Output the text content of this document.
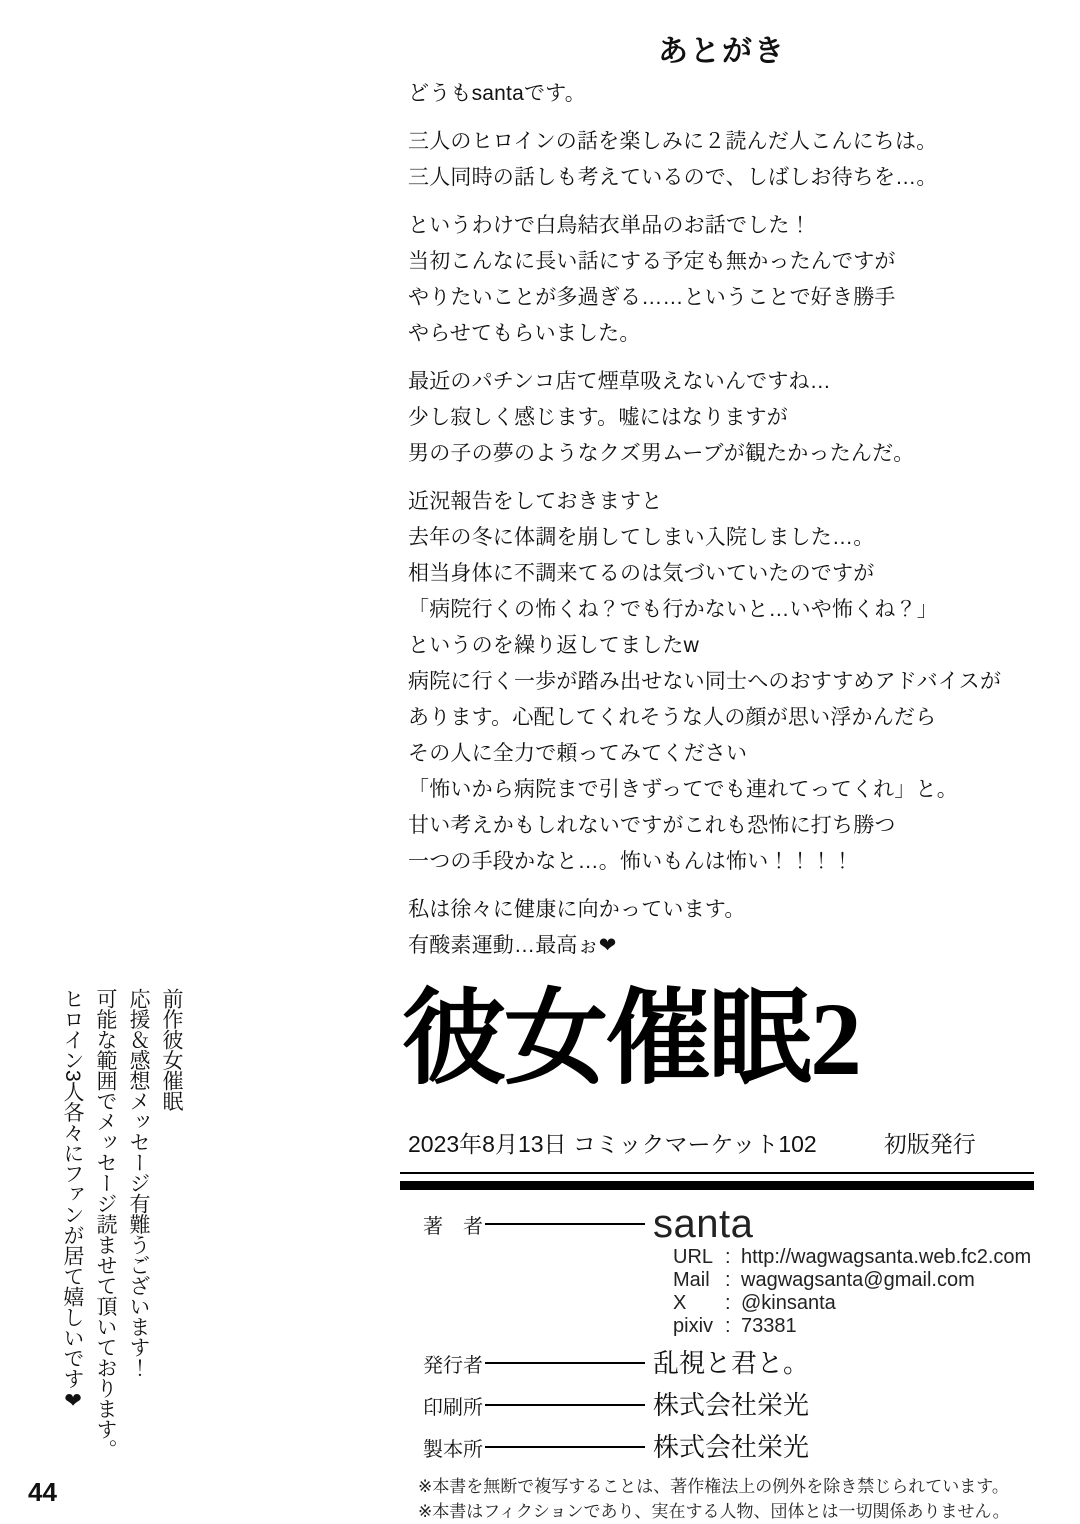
あとがき

どうもsantaです。

三人のヒロインの話を楽しみに２読んだ人こんにちは。
三人同時の話しも考えているので、しばしお待ちを…。

というわけで白鳥結衣単品のお話でした！
当初こんなに長い話にする予定も無かったんですが
やりたいことが多過ぎる……ということで好き勝手
やらせてもらいました。

最近のパチンコ店て煙草吸えないんですね…
少し寂しく感じます。嘘にはなりますが
男の子の夢のようなクズ男ムーブが観たかったんだ。

近況報告をしておきますと
去年の冬に体調を崩してしまい入院しました…。
相当身体に不調来てるのは気づいていたのですが
「病院行くの怖くね？でも行かないと…いや怖くね？」
というのを繰り返してましたw
病院に行く一歩が踏み出せない同士へのおすすめアドバイスが
あります。心配してくれそうな人の顔が思い浮かんだら
その人に全力で頼ってみてください
「怖いから病院まで引きずってでも連れてってくれ」と。
甘い考えかもしれないですがこれも恐怖に打ち勝つ
一つの手段かなと…。怖いもんは怖い！！！！

私は徐々に健康に向かっています。
有酸素運動…最高ぉ❤

前作彼女催眠

応援＆感想メッセージ有難うございます！

可能な範囲でメッセージ読ませて頂いております。

ヒロイン3人各々にファンが居て嬉しいです❤	彼女催眠2
2023年8月13日 コミックマーケット102	初版発行
著　者	santa
URL : http://wagwagsanta.web.fc2.com
Mail : wagwagsanta@gmail.com
X	: @kinsanta
pixiv : 73381
発行者	乱視と君と。
印刷所	株式会社栄光
製本所	株式会社栄光

※本書を無断で複写することは、著作権法上の例外を除き禁じられています。

※本書はフィクションであり、実在する人物、団体とは一切関係ありません。

44
